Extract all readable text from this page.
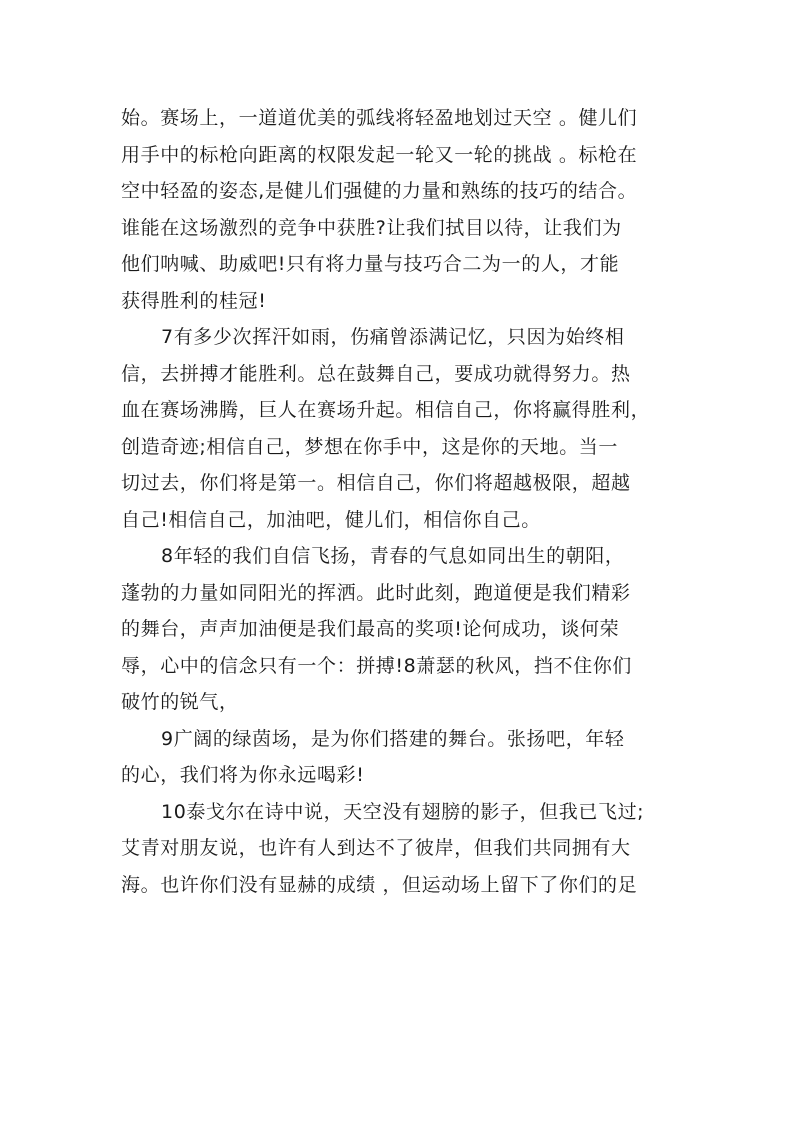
始。赛场上，一道道优美的弧线将轻盈地划过天空 。健儿们
用手中的标枪向距离的权限发起一轮又一轮的挑战 。标枪在
空中轻盈的姿态,是健儿们强健的力量和熟练的技巧的结合。
谁能在这场激烈的竞争中获胜?让我们拭目以待，让我们为
他们呐喊、助威吧!只有将力量与技巧合二为一的人，才能
获得胜利的桂冠!
7有多少次挥汗如雨，伤痛曾添满记忆，只因为始终相
信，去拼搏才能胜利。总在鼓舞自己，要成功就得努力。热
血在赛场沸腾，巨人在赛场升起。相信自己，你将赢得胜利，
创造奇迹;相信自己，梦想在你手中，这是你的天地。当一
切过去，你们将是第一。相信自己，你们将超越极限，超越
自己!相信自己，加油吧，健儿们，相信你自己。
8年轻的我们自信飞扬，青春的气息如同出生的朝阳，
蓬勃的力量如同阳光的挥洒。此时此刻，跑道便是我们精彩
的舞台，声声加油便是我们最高的奖项!论何成功，谈何荣
辱，心中的信念只有一个：拼搏!8萧瑟的秋风，挡不住你们
破竹的锐气，
9广阔的绿茵场，是为你们搭建的舞台。张扬吧，年轻
的心，我们将为你永远喝彩!
10泰戈尔在诗中说，天空没有翅膀的影子，但我已飞过;
艾青对朋友说，也许有人到达不了彼岸，但我们共同拥有大
海。也许你们没有显赫的成绩 ，但运动场上留下了你们的足
